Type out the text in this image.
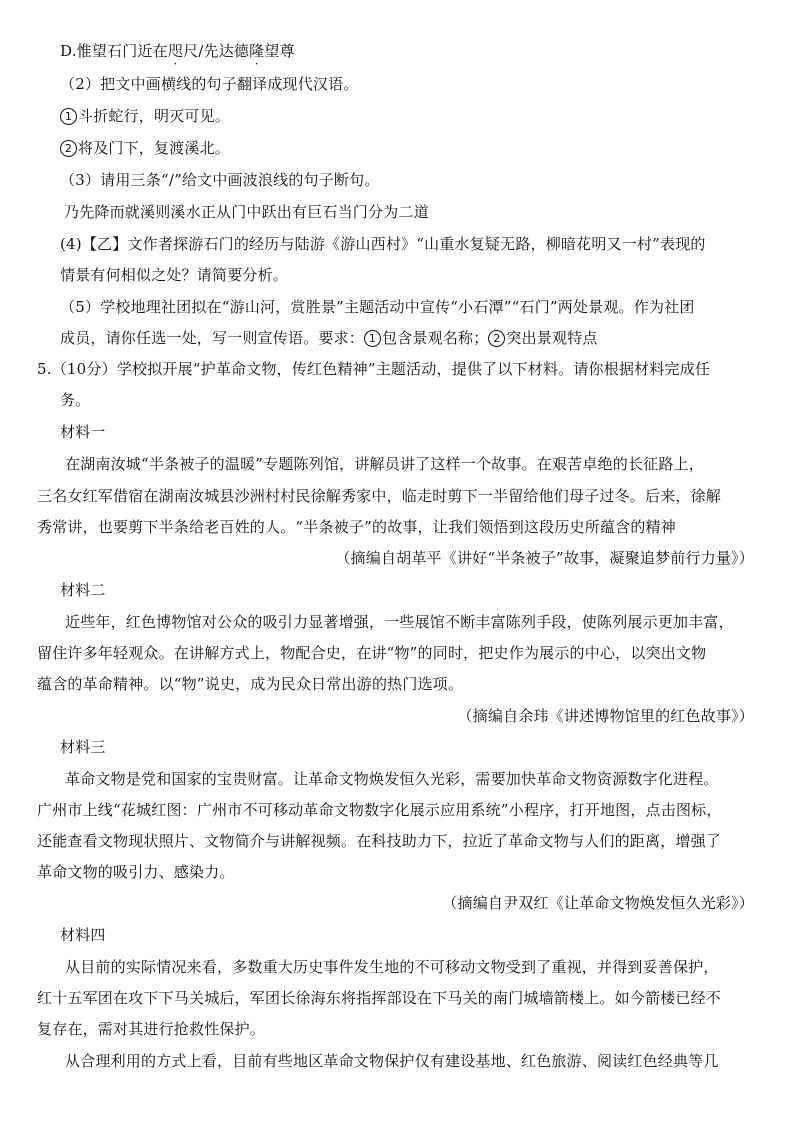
D.惟望石门近在咫尺/先达德隆望尊
（2）把文中画横线的句子翻译成现代汉语。
1 斗折蛇行，明灭可见。
2 将及门下，复渡溪北。
（3）请用三条“/”给文中画波浪线的句子断句。
乃先降而就溪则溪水正从门中跃出有巨石当门分为二道
(4)【乙】文作者探游石门的经历与陆游《游山西村》“山重水复疑无路，柳暗花明又一村”表现的
情景有何相似之处？请简要分析。
（5）学校地理社团拟在“游山河，赏胜景”主题活动中宣传“小石潭”“石门”两处景观。作为社团
成员，请你任选一处，写一则宣传语。要求： 1 包含景观名称； 2 突出景观特点
5.（10分）学校拟开展“护革命文物，传红色精神”主题活动，提供了以下材料。请你根据材料完成任
务。
材料一
在湖南汝城“半条被子的温暖”专题陈列馆，讲解员讲了这样一个故事。在艰苦卓绝的长征路上，
三名女红军借宿在湖南汝城县沙洲村村民徐解秀家中，临走时剪下一半留给他们母子过冬。后来，徐解
秀常讲，也要剪下半条给老百姓的人。“半条被子”的故事，让我们领悟到这段历史所蕴含的精神
（摘编自胡革平《讲好“半条被子”故事，凝聚追梦前行力量》）
材料二
近些年，红色博物馆对公众的吸引力显著增强，一些展馆不断丰富陈列手段，使陈列展示更加丰富，
留住许多年轻观众。在讲解方式上，物配合史，在讲“物”的同时，把史作为展示的中心，以突出文物
蕴含的革命精神。以“物”说史，成为民众日常出游的热门选项。
（摘编自余玮《讲述博物馆里的红色故事》）
材料三
革命文物是党和国家的宝贵财富。让革命文物焕发恒久光彩，需要加快革命文物资源数字化进程。
广州市上线“花城红图：广州市不可移动革命文物数字化展示应用系统”小程序，打开地图，点击图标，
还能查看文物现状照片、文物简介与讲解视频。在科技助力下，拉近了革命文物与人们的距离，增强了
革命文物的吸引力、感染力。
（摘编自尹双红《让革命文物焕发恒久光彩》）
材料四
从目前的实际情况来看，多数重大历史事件发生地的不可移动文物受到了重视，并得到妥善保护，
红十五军团在攻下下马关城后，军团长徐海东将指挥部设在下马关的南门城墙箭楼上。如今箭楼已经不
复存在，需对其进行抢救性保护。
从合理利用的方式上看，目前有些地区革命文物保护仅有建设基地、红色旅游、阅读红色经典等几
